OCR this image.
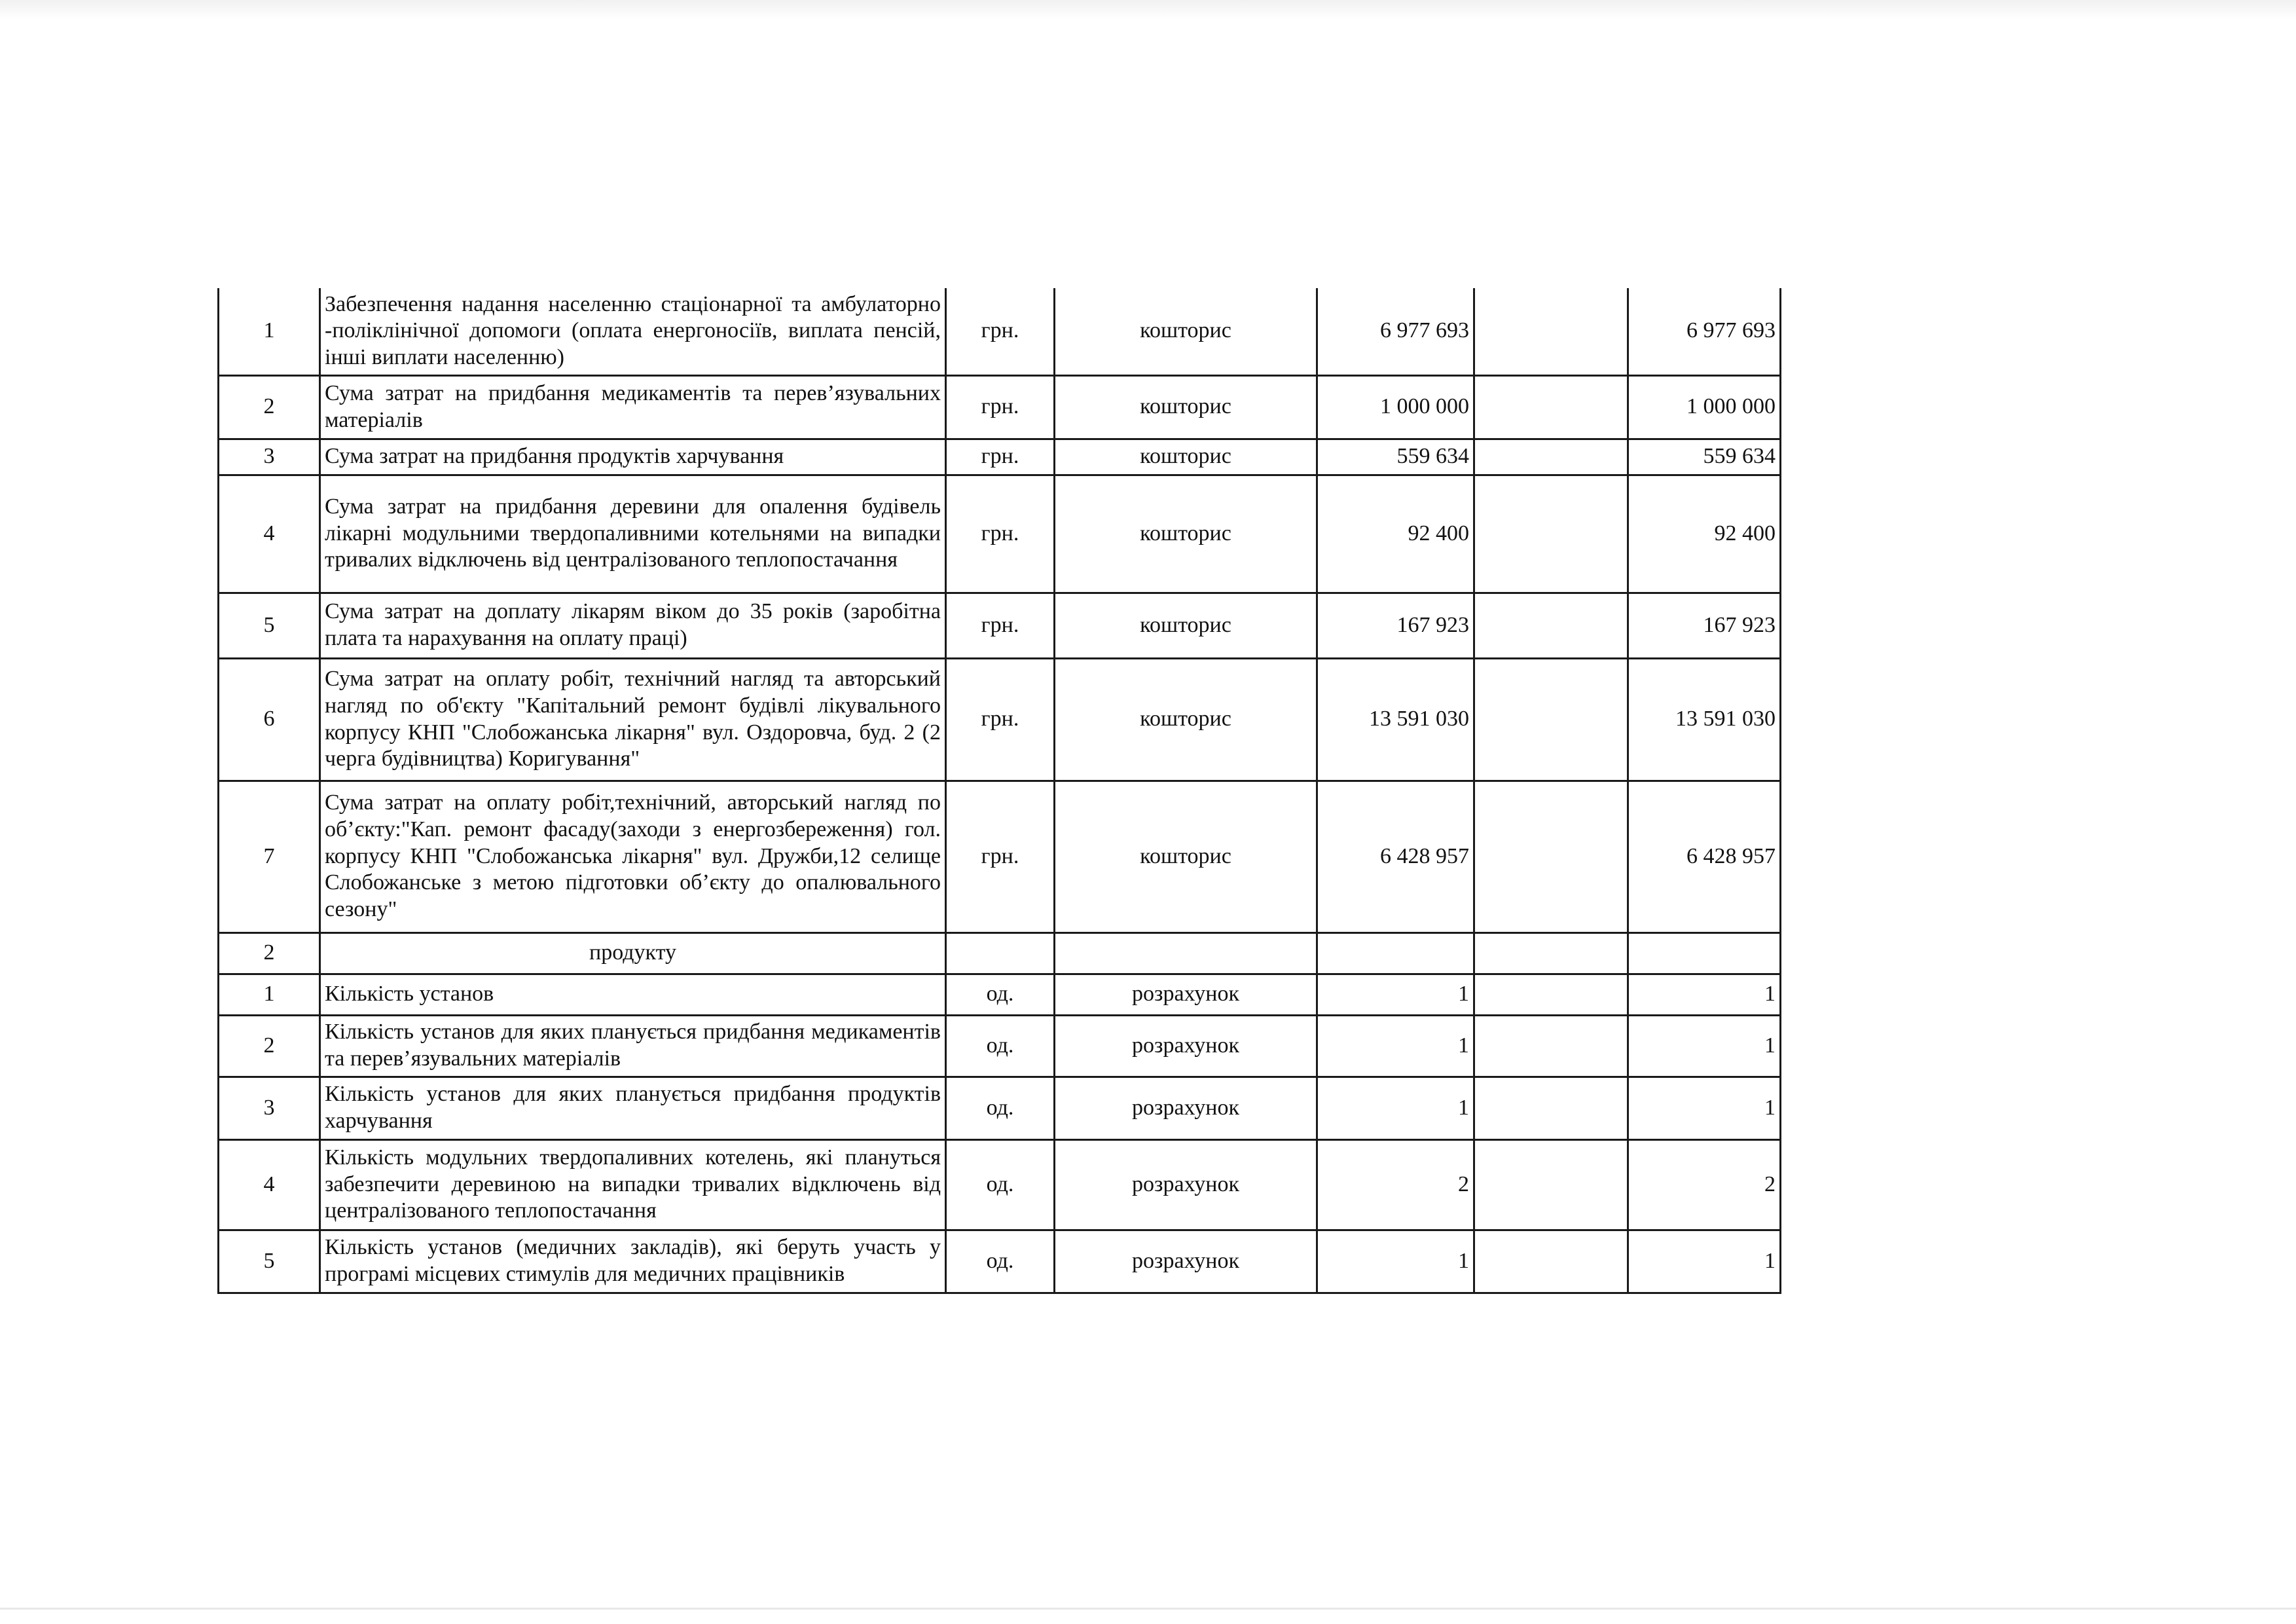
1	Забезпечення надання населенню стаціонарної та амбулаторно -поліклінічної допомоги (оплата енергоносіїв, виплата пенсій, інші виплати населенню)	грн.	кошторис	6 977 693		6 977 693
2	Сума затрат на придбання медикаментів та перев’язувальних матеріалів	грн.	кошторис	1 000 000		1 000 000
3	Сума затрат на придбання продуктів харчування	грн.	кошторис	559 634		559 634
4	Сума затрат на придбання деревини для опалення будівель лікарні модульними твердопаливними котельнями на випадки тривалих відключень від централізованого теплопостачання	грн.	кошторис	92 400		92 400
5	Сума затрат на доплату лікарям віком до 35 років (заробітна плата та нарахування на оплату праці)	грн.	кошторис	167 923		167 923
6	Сума затрат на оплату робіт, технічний нагляд та авторський нагляд по об'єкту "Капітальний ремонт будівлі лікувального корпусу КНП "Слобожанська лікарня" вул. Оздоровча, буд. 2 (2 черга будівництва) Коригування"	грн.	кошторис	13 591 030		13 591 030
7	Сума затрат на оплату робіт,технічний, авторський нагляд по об’єкту:"Кап. ремонт фасаду(заходи з енергозбереження) гол. корпусу КНП "Слобожанська лікарня" вул. Дружби,12 селище Слобожанське з метою підготовки об’єкту до опалювального сезону"	грн.	кошторис	6 428 957		6 428 957
2	продукту					
1	Кількість установ	од.	розрахунок	1		1
2	Кількість установ для яких планується придбання медикаментів та перев’язувальних матеріалів	од.	розрахунок	1		1
3	Кількість установ для яких планується придбання продуктів харчування	од.	розрахунок	1		1
4	Кількість модульних твердопаливних котелень, які плануться забезпечити деревиною на випадки тривалих відключень від централізованого теплопостачання	од.	розрахунок	2		2
5	Кількість установ (медичних закладів), які беруть участь у програмі місцевих стимулів для медичних працівників	од.	розрахунок	1		1
